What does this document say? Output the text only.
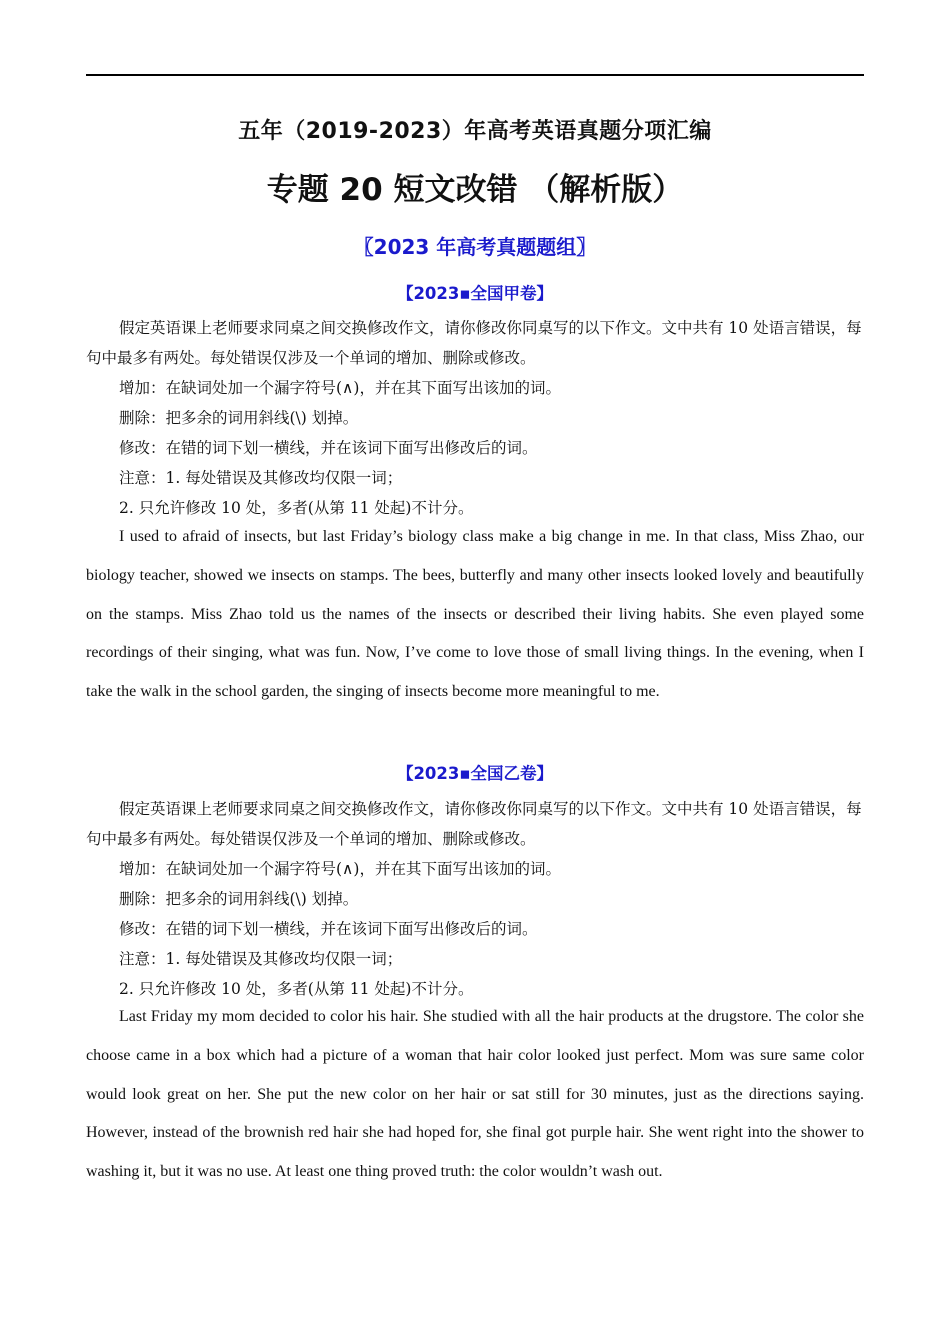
五年（2019-2023）年高考英语真题分项汇编
专题 20 短文改错 （解析版）
〖2023 年高考真题题组〗
【2023▪全国甲卷】

假定英语课上老师要求同桌之间交换修改作文，请你修改你同桌写的以下作文。文中共有 10 处语言错误，每句中最多有两处。每处错误仅涉及一个单词的增加、删除或修改。

增加：在缺词处加一个漏字符号(∧)，并在其下面写出该加的词。

删除：把多余的词用斜线(\) 划掉。

修改：在错的词下划一横线，并在该词下面写出修改后的词。

注意：1. 每处错误及其修改均仅限一词；

2. 只允许修改 10 处，多者(从第 11 处起)不计分。

I used to afraid of insects, but last Friday’s biology class make a big change in me. In that class, Miss Zhao, our biology teacher, showed we insects on stamps. The bees, butterfly and many other insects looked lovely and beautifully on the stamps. Miss Zhao told us the names of the insects or described their living habits. She even played some recordings of their singing, what was fun. Now, I’ve come to love those of small living things. In the evening, when I take the walk in the school garden, the singing of insects become more meaningful to me.
【2023▪全国乙卷】

假定英语课上老师要求同桌之间交换修改作文，请你修改你同桌写的以下作文。文中共有 10 处语言错误，每句中最多有两处。每处错误仅涉及一个单词的增加、删除或修改。

增加：在缺词处加一个漏字符号(∧)，并在其下面写出该加的词。

删除：把多余的词用斜线(\) 划掉。

修改：在错的词下划一横线，并在该词下面写出修改后的词。

注意：1. 每处错误及其修改均仅限一词；

2. 只允许修改 10 处，多者(从第 11 处起)不计分。

Last Friday my mom decided to color his hair. She studied with all the hair products at the drugstore. The color she choose came in a box which had a picture of a woman that hair color looked just perfect. Mom was sure same color would look great on her. She put the new color on her hair or sat still for 30 minutes, just as the directions saying. However, instead of the brownish red hair she had hoped for, she final got purple hair. She went right into the shower to washing it, but it was no use. At least one thing proved truth: the color wouldn’t wash out.
